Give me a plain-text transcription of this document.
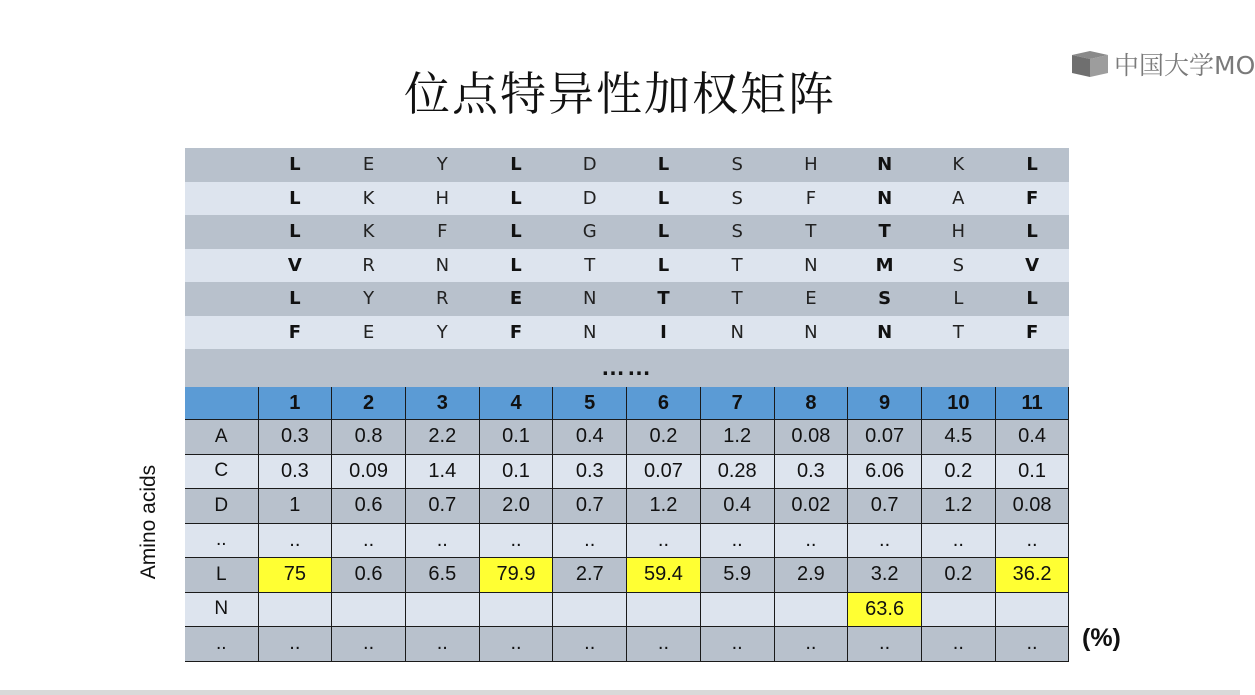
位点特异性加权矩阵
中国大学MO
	L	E	Y	L	D	L	S	H	N	K	L
	L	K	H	L	D	L	S	F	N	A	F
	L	K	F	L	G	L	S	T	T	H	L
	V	R	N	L	T	L	T	N	M	S	V
	L	Y	R	E	N	T	T	E	S	L	L
	F	E	Y	F	N	I	N	N	N	T	F
……
	1	2	3	4	5	6	7	8	9	10	11
A	0.3	0.8	2.2	0.1	0.4	0.2	1.2	0.08	0.07	4.5	0.4
C	0.3	0.09	1.4	0.1	0.3	0.07	0.28	0.3	6.06	0.2	0.1
D	1	0.6	0.7	2.0	0.7	1.2	0.4	0.02	0.7	1.2	0.08
..	..	..	..	..	..	..	..	..	..	..	..
L	75	0.6	6.5	79.9	2.7	59.4	5.9	2.9	3.2	0.2	36.2
N									63.6		
..	..	..	..	..	..	..	..	..	..	..	..
Amino acids
(%)
